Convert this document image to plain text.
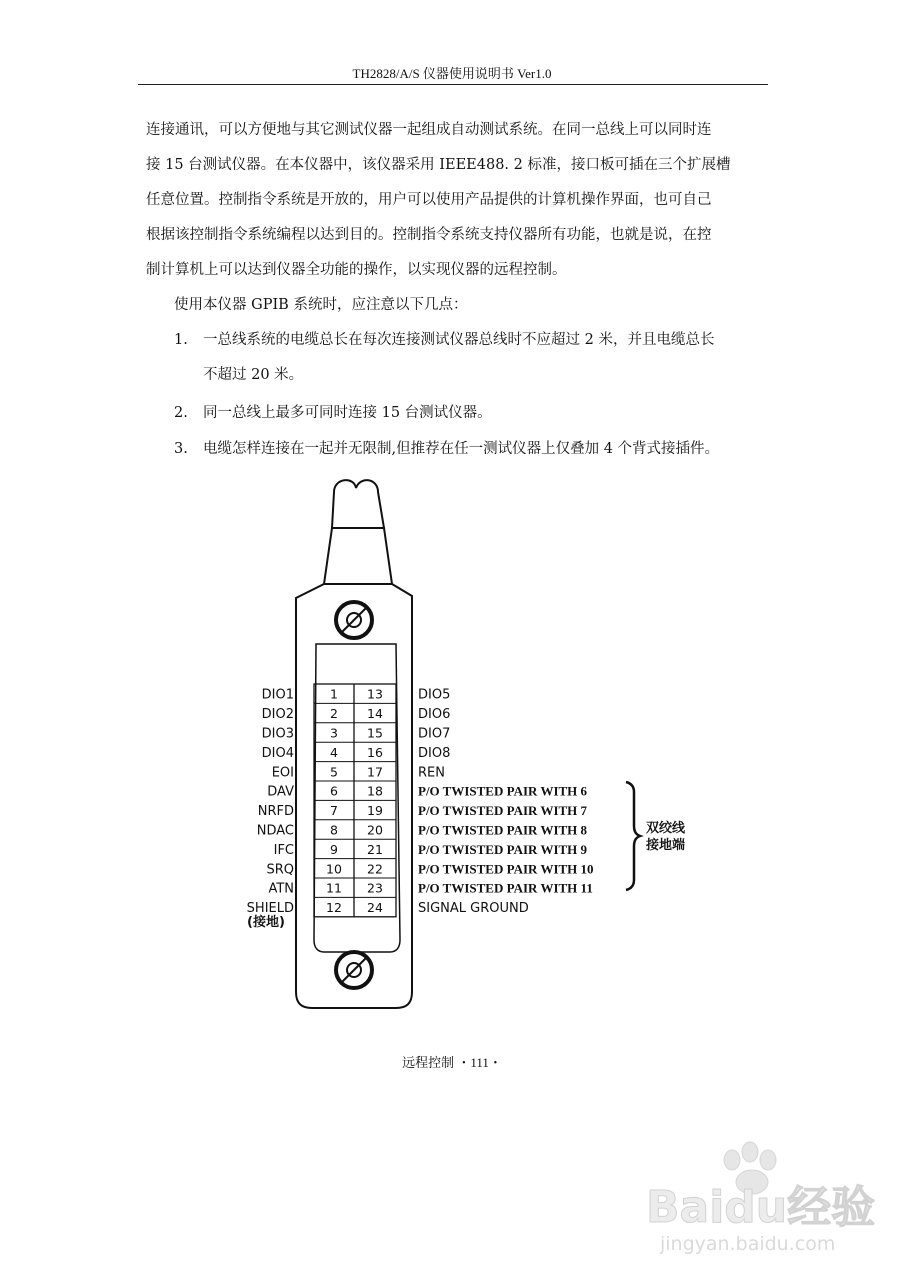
TH2828/A/S 仪器使用说明书 Ver1.0
连接通讯，可以方便地与其它测试仪器一起组成自动测试系统。在同一总线上可以同时连
接 15 台测试仪器。在本仪器中，该仪器采用 IEEE488. 2 标准，接口板可插在三个扩展槽
任意位置。控制指令系统是开放的，用户可以使用产品提供的计算机操作界面，也可自己
根据该控制指令系统编程以达到目的。控制指令系统支持仪器所有功能，也就是说，在控
制计算机上可以达到仪器全功能的操作，以实现仪器的远程控制。
使用本仪器 GPIB 系统时，应注意以下几点：
1. 一总线系统的电缆总长在每次连接测试仪器总线时不应超过 2 米，并且电缆总长
不超过 20 米。
2. 同一总线上最多可同时连接 15 台测试仪器。
3. 电缆怎样连接在一起并无限制,但推荐在任一测试仪器上仅叠加 4 个背式接插件。
1 13
2 14
3 15
4 16
5 17
6 18
7 19
8 20
9 21
10 22
11 23
12 24
DIO1
DIO2
DIO3
DIO4
EOI
DAV
NRFD
NDAC
IFC
SRQ
ATN
SHIELD
DIO5
DIO6
DIO7
DIO8
REN
P/O TWISTED PAIR WITH 6
P/O TWISTED PAIR WITH 7
P/O TWISTED PAIR WITH 8
P/O TWISTED PAIR WITH 9
P/O TWISTED PAIR WITH 10
P/O TWISTED PAIR WITH 11
SIGNAL GROUND
(接地)
双绞线
接地端
远程控制 ・111・
Baidu经验
jingyan.baidu.com
